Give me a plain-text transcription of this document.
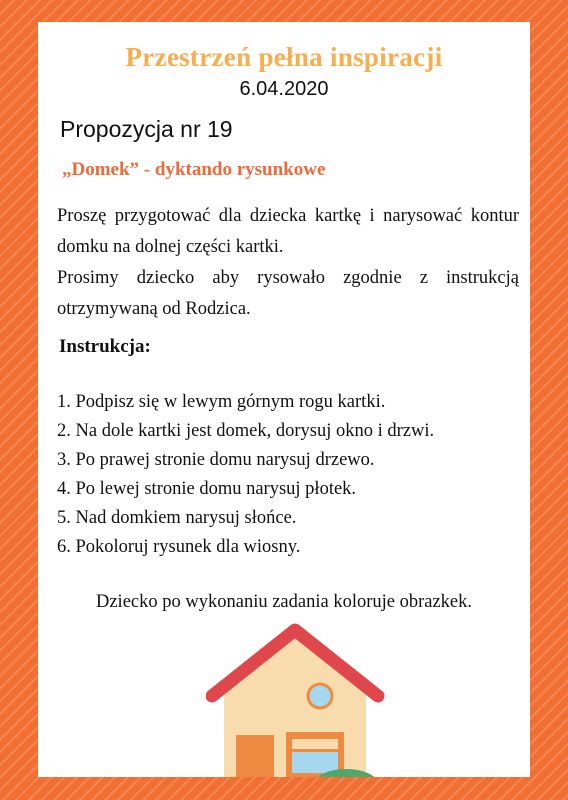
Przestrzeń pełna inspiracji
6.04.2020
Propozycja nr 19
„Domek” - dyktando rysunkowe
Proszę przygotować dla dziecka kartkę i narysować kontur domku na dolnej części kartki.
Prosimy dziecko aby rysowało zgodnie z instrukcją otrzymywaną od Rodzica.
Instrukcja:
1. Podpisz się w lewym górnym rogu kartki.
2. Na dole kartki jest domek, dorysuj okno i drzwi.
3. Po prawej stronie domu narysuj drzewo.
4. Po lewej stronie domu narysuj płotek.
5. Nad domkiem narysuj słońce.
6. Pokoloruj rysunek dla wiosny.
Dziecko po wykonaniu zadania koloruje obrazkek.
